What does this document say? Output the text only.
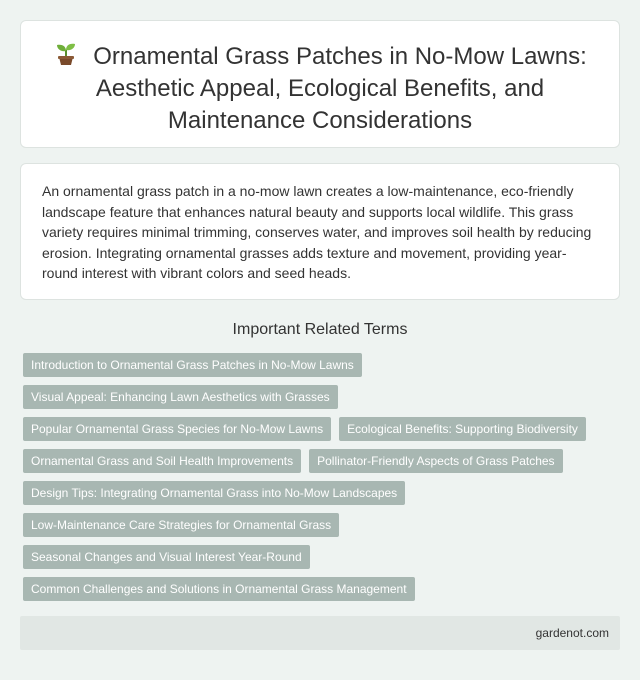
Ornamental Grass Patches in No-Mow Lawns: Aesthetic Appeal, Ecological Benefits, and Maintenance Considerations

An ornamental grass patch in a no-mow lawn creates a low-maintenance, eco-friendly landscape feature that enhances natural beauty and supports local wildlife. This grass variety requires minimal trimming, conserves water, and improves soil health by reducing erosion. Integrating ornamental grasses adds texture and movement, providing year-round interest with vibrant colors and seed heads.

Important Related Terms
Introduction to Ornamental Grass Patches in No-Mow Lawns
Visual Appeal: Enhancing Lawn Aesthetics with Grasses
Popular Ornamental Grass Species for No-Mow Lawns Ecological Benefits: Supporting Biodiversity
Ornamental Grass and Soil Health Improvements Pollinator-Friendly Aspects of Grass Patches
Design Tips: Integrating Ornamental Grass into No-Mow Landscapes
Low-Maintenance Care Strategies for Ornamental Grass
Seasonal Changes and Visual Interest Year-Round
Common Challenges and Solutions in Ornamental Grass Management
gardenot.com
